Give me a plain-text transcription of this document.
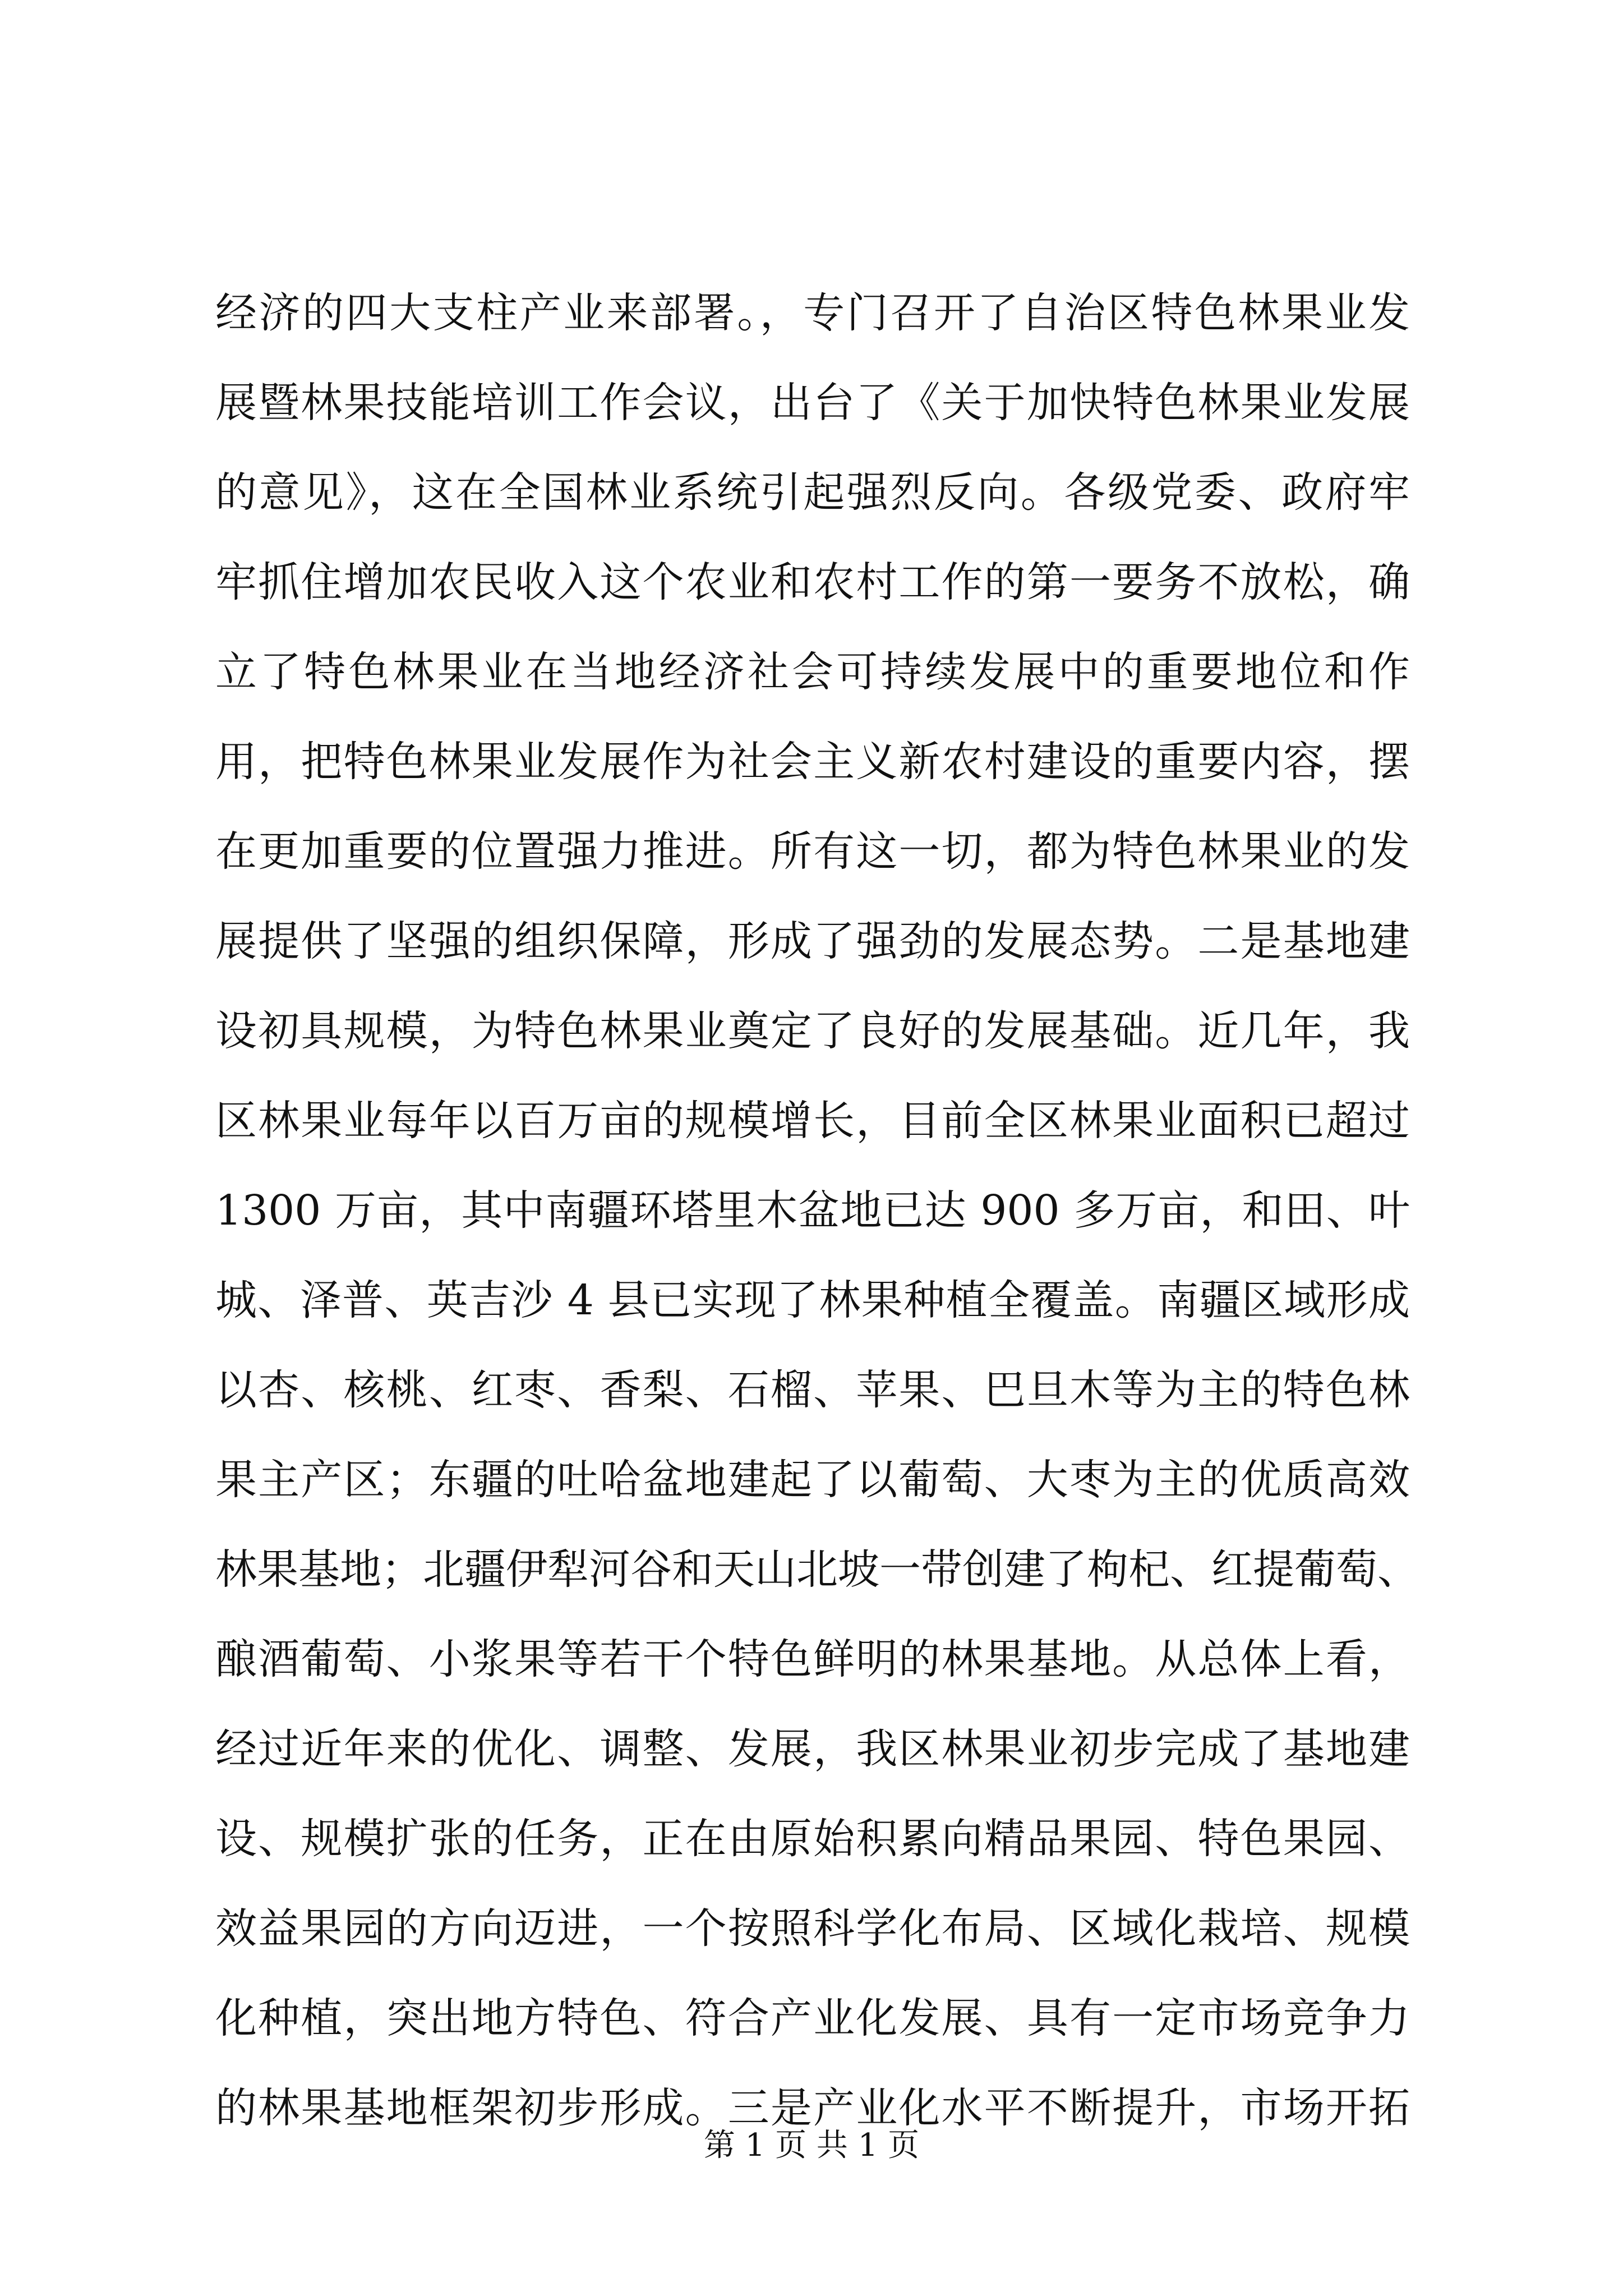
经济的四大支柱产业来部署。，专门召开了自治区特色林果业发
展暨林果技能培训工作会议，出台了《关于加快特色林果业发展
的意见》，这在全国林业系统引起强烈反向。各级党委、政府牢
牢抓住增加农民收入这个农业和农村工作的第一要务不放松，确
立了特色林果业在当地经济社会可持续发展中的重要地位和作
用，把特色林果业发展作为社会主义新农村建设的重要内容，摆
在更加重要的位置强力推进。所有这一切，都为特色林果业的发
展提供了坚强的组织保障，形成了强劲的发展态势。二是基地建
设初具规模，为特色林果业奠定了良好的发展基础。近几年，我
区林果业每年以百万亩的规模增长，目前全区林果业面积已超过
1300 万亩，其中南疆环塔里木盆地已达 900 多万亩，和田、叶
城、泽普、英吉沙 4 县已实现了林果种植全覆盖。南疆区域形成
以杏、核桃、红枣、香梨、石榴、苹果、巴旦木等为主的特色林
果主产区；东疆的吐哈盆地建起了以葡萄、大枣为主的优质高效
林果基地；北疆伊犁河谷和天山北坡一带创建了枸杞、红提葡萄、
酿酒葡萄、小浆果等若干个特色鲜明的林果基地。从总体上看，
经过近年来的优化、调整、发展，我区林果业初步完成了基地建
设、规模扩张的任务，正在由原始积累向精品果园、特色果园、
效益果园的方向迈进，一个按照科学化布局、区域化栽培、规模
化种植，突出地方特色、符合产业化发展、具有一定市场竞争力
的林果基地框架初步形成。三是产业化水平不断提升，市场开拓
第 1 页 共 1 页
